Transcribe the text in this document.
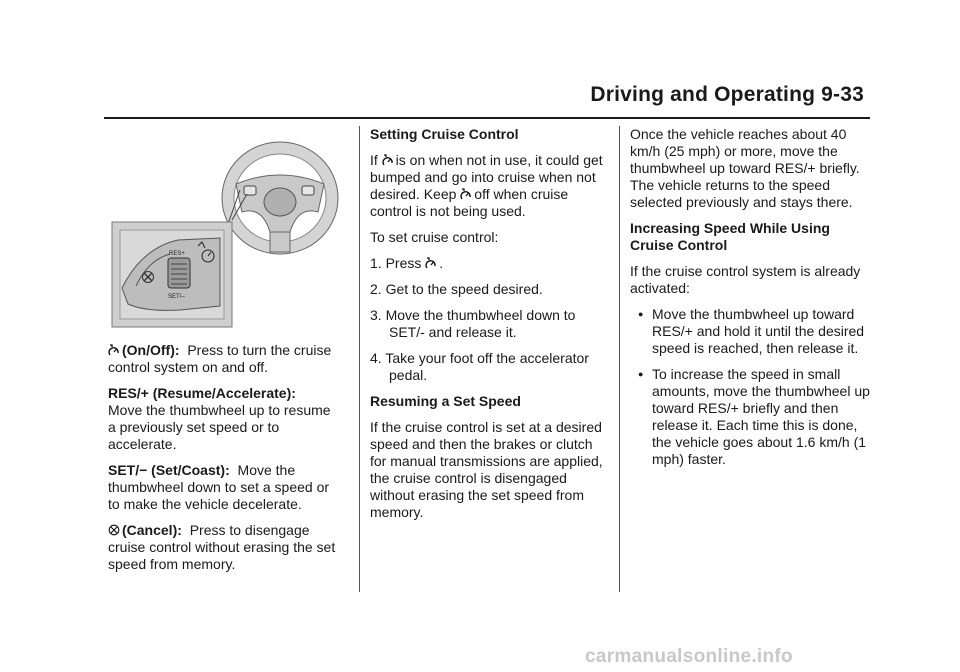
Driving and Operating 9-33
RES+
SET/–

(On/Off): Press to turn the cruise control system on and off.

RES/+ (Resume/Accelerate):
Move the thumbwheel up to resume a previously set speed or to accelerate.

SET/− (Set/Coast): Move the thumbwheel down to set a speed or to make the vehicle decelerate.

(Cancel): Press to disengage cruise control without erasing the set speed from memory.

Setting Cruise Control

If is on when not in use, it could get bumped and go into cruise when not desired. Keep off when cruise control is not being used.

To set cruise control:

1. Press .

2. Get to the speed desired.

3. Move the thumbwheel down to SET/- and release it.

4. Take your foot off the accelerator pedal.

Resuming a Set Speed

If the cruise control is set at a desired speed and then the brakes or clutch for manual transmissions are applied, the cruise control is disengaged without erasing the set speed from memory.

Once the vehicle reaches about 40 km/h (25 mph) or more, move the thumbwheel up toward RES/+ briefly. The vehicle returns to the speed selected previously and stays there.

Increasing Speed While Using Cruise Control

If the cruise control system is already activated:

● Move the thumbwheel up toward RES/+ and hold it until the desired speed is reached, then release it.

● To increase the speed in small amounts, move the thumbwheel up toward RES/+ briefly and then release it. Each time this is done, the vehicle goes about 1.6 km/h (1 mph) faster.

carmanualsonline.info
